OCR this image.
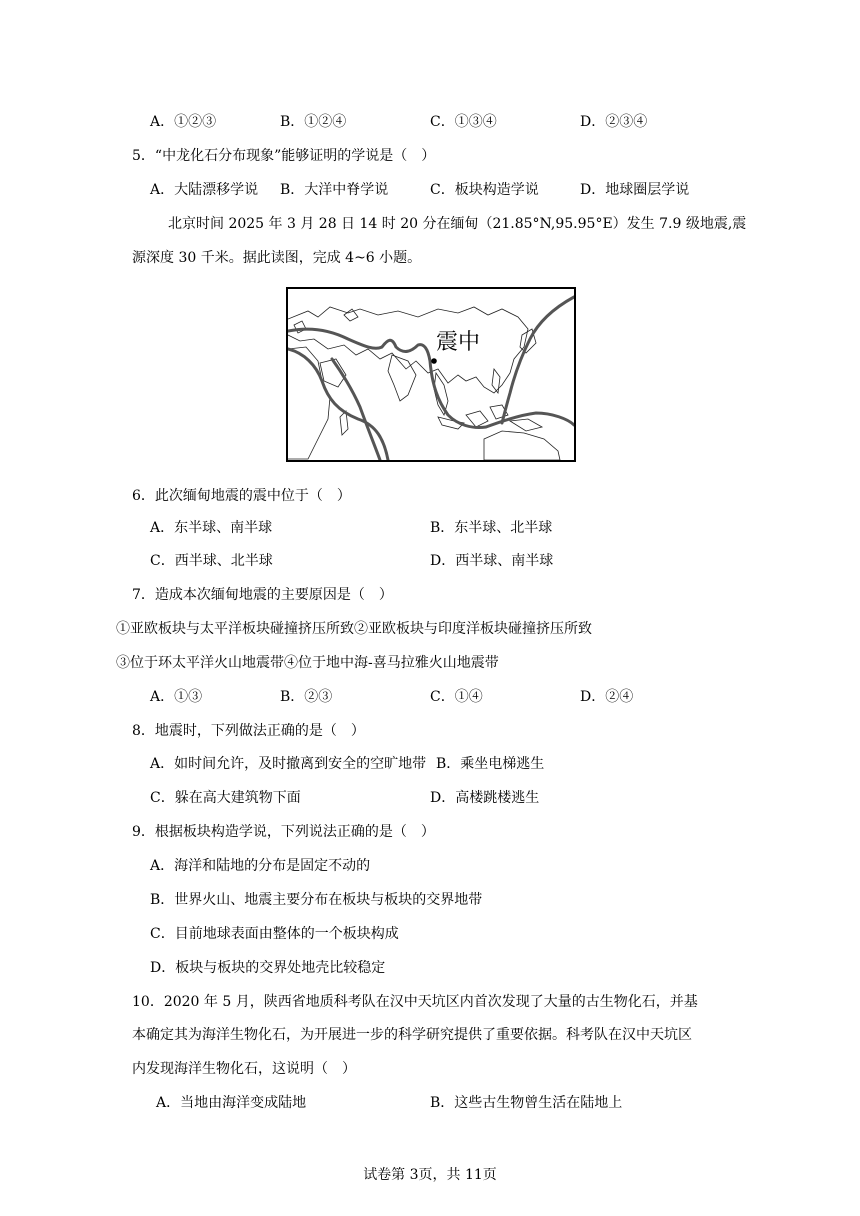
A．①②③	B．①②④	C．①③④	D．②③④
5．“中龙化石分布现象”能够证明的学说是（　）
A．大陆漂移学说 B．大洋中脊学说	C．板块构造学说	D．地球圈层学说
北京时间 2025 年 3 月 28 日 14 时 20 分在缅甸（21.85°N,95.95°E）发生 7.9 级地震,震
源深度 30 千米。据此读图，完成 4~6 小题。
震中
6．此次缅甸地震的震中位于（　）
A．东半球、南半球	B．东半球、北半球
C．西半球、北半球	D．西半球、南半球
7．造成本次缅甸地震的主要原因是（　）
①亚欧板块与太平洋板块碰撞挤压所致②亚欧板块与印度洋板块碰撞挤压所致
③位于环太平洋火山地震带④位于地中海-喜马拉雅火山地震带
A．①③	B．②③	C．①④	D．②④
8．地震时，下列做法正确的是（　）
A．如时间允许，及时撤离到安全的空旷地带 B．乘坐电梯逃生
C．躲在高大建筑物下面	D．高楼跳楼逃生
9．根据板块构造学说，下列说法正确的是（　）
A．海洋和陆地的分布是固定不动的
B．世界火山、地震主要分布在板块与板块的交界地带
C．目前地球表面由整体的一个板块构成
D．板块与板块的交界处地壳比较稳定
10．2020 年 5 月，陕西省地质科考队在汉中天坑区内首次发现了大量的古生物化石，并基
本确定其为海洋生物化石，为开展进一步的科学研究提供了重要依据。科考队在汉中天坑区
内发现海洋生物化石，这说明（　）
A．当地由海洋变成陆地	B．这些古生物曾生活在陆地上
试卷第 3页，共 11页
